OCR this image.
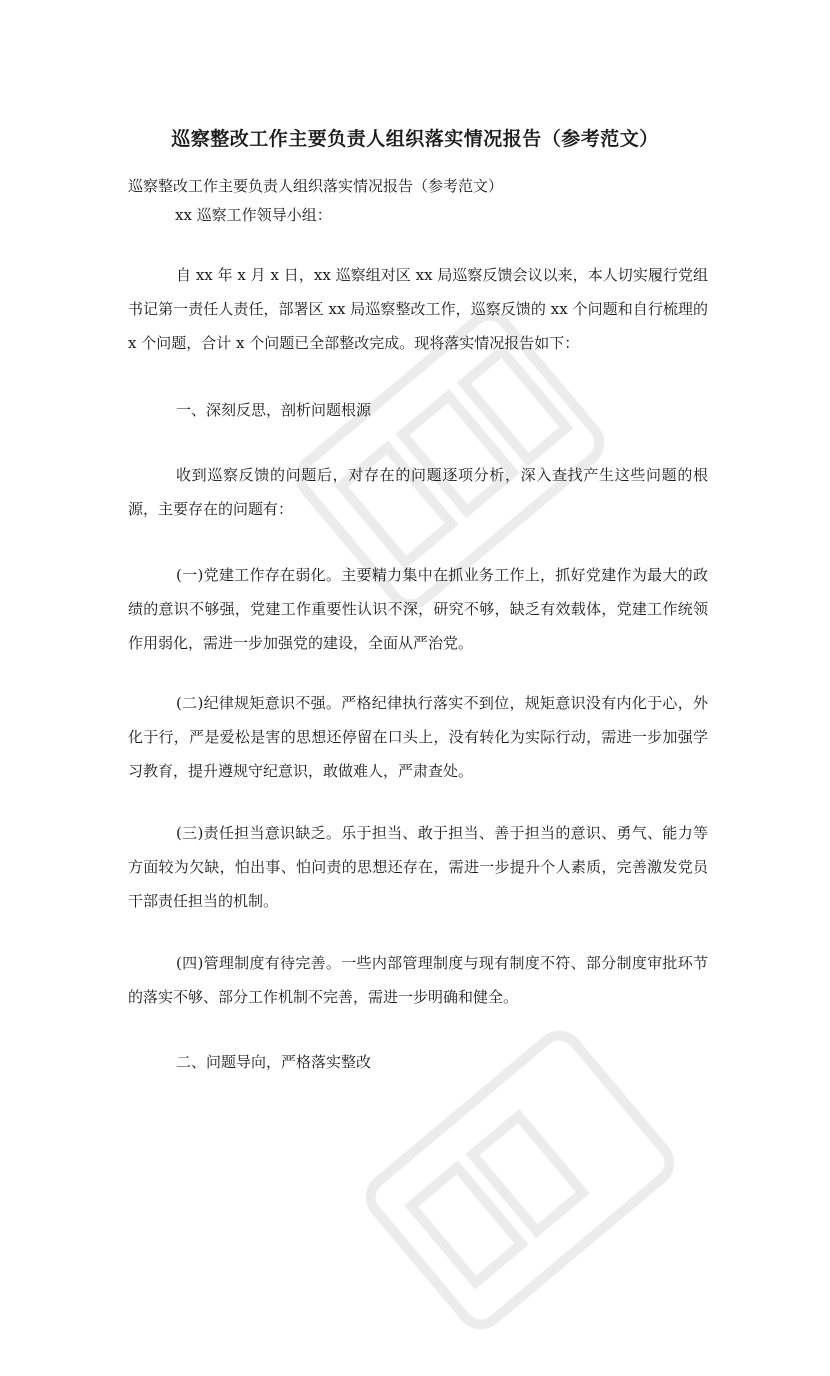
巡察整改工作主要负责人组织落实情况报告（参考范文）

巡察整改工作主要负责人组织落实情况报告（参考范文）

xx 巡察工作领导小组：

自 xx 年 x 月 x 日，xx 巡察组对区 xx 局巡察反馈会议以来，本人切实履行党组书记第一责任人责任，部署区 xx 局巡察整改工作，巡察反馈的 xx 个问题和自行梳理的 x 个问题，合计 x 个问题已全部整改完成。现将落实情况报告如下：

一、深刻反思，剖析问题根源

收到巡察反馈的问题后，对存在的问题逐项分析，深入查找产生这些问题的根源，主要存在的问题有：

(一)党建工作存在弱化。主要精力集中在抓业务工作上，抓好党建作为最大的政绩的意识不够强，党建工作重要性认识不深，研究不够，缺乏有效载体，党建工作统领作用弱化，需进一步加强党的建设，全面从严治党。

(二)纪律规矩意识不强。严格纪律执行落实不到位，规矩意识没有内化于心，外化于行，严是爱松是害的思想还停留在口头上，没有转化为实际行动，需进一步加强学习教育，提升遵规守纪意识，敢做难人，严肃查处。

(三)责任担当意识缺乏。乐于担当、敢于担当、善于担当的意识、勇气、能力等方面较为欠缺，怕出事、怕问责的思想还存在，需进一步提升个人素质，完善激发党员干部责任担当的机制。

(四)管理制度有待完善。一些内部管理制度与现有制度不符、部分制度审批环节的落实不够、部分工作机制不完善，需进一步明确和健全。

二、问题导向，严格落实整改
